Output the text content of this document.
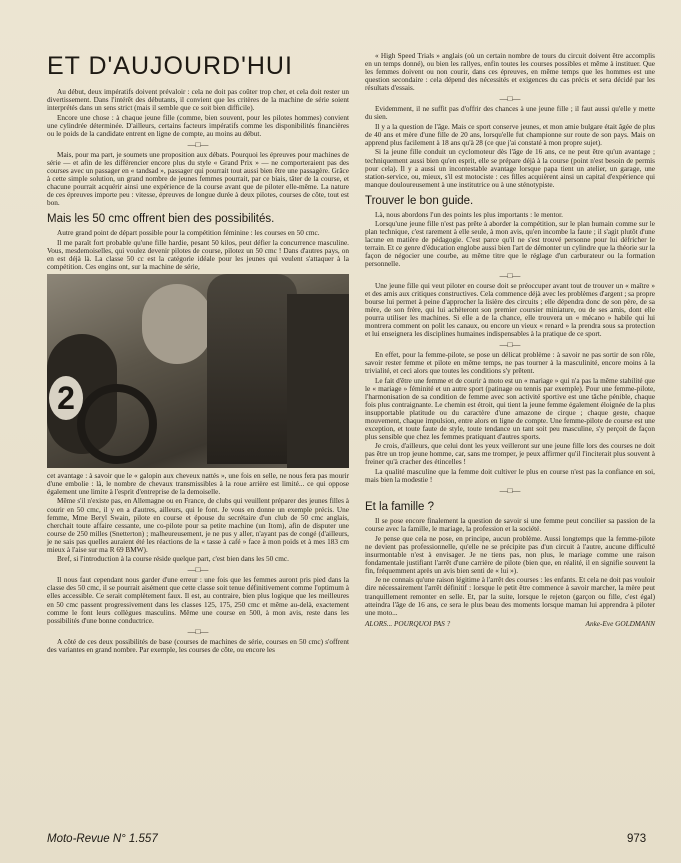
ET D'AUJOURD'HUI

Au début, deux impératifs doivent prévaloir : cela ne doit pas coûter trop cher, et cela doit rester un divertissement. Dans l'intérêt des débutants, il convient que les critères de la machine de série soient interprétés dans un sens strict (mais il semble que ce soit bien difficile).

Encore une chose : à chaque jeune fille (comme, bien souvent, pour les pilotes hommes) convient une cylindrée déterminée. D'ailleurs, certains facteurs impératifs comme les disponibilités financières ou le poids de la candidate entrent en ligne de compte, au moins au début.

—□—

Mais, pour ma part, je soumets une proposition aux débats. Pourquoi les épreuves pour machines de série — et afin de les différencier encore plus du style « Grand Prix » — ne comporteraient pas des courses avec un passager en « tandsad », passager qui pourrait tout aussi bien être une passagère. Grâce à cette simple solution, un grand nombre de jeunes femmes pourrait, par ce biais, tâter de la course, et chacune pourrait acquérir ainsi une expérience de la course avant que de piloter elle-même. La nature de ces épreuves importe peu : vitesse, épreuves de longue durée à deux pilotes, courses de côte, tout est bon.

Mais les 50 cmc offrent bien des possibilités.

Autre grand point de départ possible pour la compétition féminine : les courses en 50 cmc.

Il me paraît fort probable qu'une fille hardie, pesant 50 kilos, peut défier la concurrence masculine. Vous, mesdemoiselles, qui voulez devenir pilotes de course, pilotez un 50 cmc ! Dans d'autres pays, on en est déjà là. La classe 50 cc est la catégorie idéale pour les jeunes qui veulent s'attaquer à la compétition. Ces engins ont, sur la machine de série,

2

cet avantage : à savoir que le « galopin aux cheveux nattés », une fois en selle, ne nous fera pas mourir d'une embolie : là, le nombre de chevaux transmissibles à la roue arrière est limité... ce qui oppose également une limite à l'esprit d'entreprise de la demoiselle.

Même s'il n'existe pas, en Allemagne ou en France, de clubs qui veuillent préparer des jeunes filles à courir en 50 cmc, il y en a d'autres, ailleurs, qui le font. Je vous en donne un exemple précis. Une femme, Mme Beryl Swain, pilote en course et épouse du secrétaire d'un club de 50 cmc anglais, cherchait toute affaire cessante, une co-pilote pour sa petite machine (un Itom), afin de disputer une course de 250 milles (Snetterton) ; malheureusement, je ne pus y aller, n'ayant pas de congé (d'ailleurs, je ne sais pas quelles auraient été les réactions de la « tasse à café » face à mon poids et à mes 183 cm mieux à l'aise sur ma R 69 BMW).

Bref, si l'introduction à la course réside quelque part, c'est bien dans les 50 cmc.

—□—

Il nous faut cependant nous garder d'une erreur : une fois que les femmes auront pris pied dans la classe des 50 cmc, il se pourrait aisément que cette classe soit tenue définitivement comme l'optimum à elles accessible. Ce serait complètement faux. Il est, au contraire, bien plus logique que les meilleures en 50 cmc passent progressivement dans les classes 125, 175, 250 cmc et même au-delà, exactement comme le font leurs collègues masculins. Même une course en 500, à mon avis, reste dans les possibilités d'une bonne conductrice.

—□—

A côté de ces deux possibilités de base (courses de machines de série, courses en 50 cmc) s'offrent des variantes en grand nombre. Par exemple, les courses de côte, ou encore les

« High Speed Trials » anglais (où un certain nombre de tours du circuit doivent être accomplis en un temps donné), ou bien les rallyes, enfin toutes les courses possibles et même à instituer. Que les femmes doivent ou non courir, dans ces épreuves, en même temps que les hommes est une question secondaire : cela dépend des nécessités et exigences du cas précis et sera décidé par les résultats d'essais.

—□—

Evidemment, il ne suffit pas d'offrir des chances à une jeune fille ; il faut aussi qu'elle y mette du sien.

Il y a la question de l'âge. Mais ce sport conserve jeunes, et mon amie bulgare était âgée de plus de 40 ans et mère d'une fille de 20 ans, lorsqu'elle fut championne sur route de son pays. Mais on apprend plus facilement à 18 ans qu'à 28 (ce que j'ai constaté à mon propre sujet).

Si la jeune fille conduit un cyclomoteur dès l'âge de 16 ans, ce ne peut être qu'un avantage ; techniquement aussi bien qu'en esprit, elle se prépare déjà à la course (point n'est besoin de permis pour cela). Il y a aussi un incontestable avantage lorsque papa tient un atelier, un garage, une station-service, ou, mieux, s'il est motociste : ces filles acquièrent ainsi un capital d'expérience qui manque douloureusement à une institutrice ou à une sténotypiste.

Trouver le bon guide.

Là, nous abordons l'un des points les plus importants : le mentor.

Lorsqu'une jeune fille n'est pas prête à aborder la compétition, sur le plan humain comme sur le plan technique, c'est rarement à elle seule, à mon avis, qu'en incombe la faute ; il s'agit plutôt d'une lacune en matière de pédagogie. C'est parce qu'il ne s'est trouvé personne pour lui défricher le terrain. Et ce genre d'éducation englobe aussi bien l'art de démonter un cylindre que la théorie sur la façon de négocier une courbe, au même titre que le réglage d'un carburateur ou la formation personnelle.

—□—

Une jeune fille qui veut piloter en course doit se préoccuper avant tout de trouver un « maître » et des amis aux critiques constructives. Cela commence déjà avec les problèmes d'argent ; sa propre bourse lui permet à peine d'approcher la lisière des circuits ; elle dépendra donc de son père, de sa mère, de son frère, qui lui achèteront son premier coursier miniature, ou de ses amis, dont elle pourra utiliser les machines. Si elle a de la chance, elle trouvera un « mécano » habile qui lui montrera comment on polit les canaux, ou encore un vieux « renard » la prendra sous sa protection et lui enseignera les disciplines humaines indispensables à la pratique de ce sport.

—□—

En effet, pour la femme-pilote, se pose un délicat problème : à savoir ne pas sortir de son rôle, savoir rester femme et pilote en même temps, ne pas tourner à la masculinité, encore moins à la trivialité, et ceci alors que toutes les conditions s'y prêtent.

Le fait d'être une femme et de courir à moto est un « mariage » qui n'a pas la même stabilité que le « mariage » féminité et un autre sport (patinage ou tennis par exemple). Pour une femme-pilote, l'harmonisation de sa condition de femme avec son activité sportive est une tâche pénible, chaque fois plus contraignante. Le chemin est étroit, qui tient la jeune femme également éloignée de la plus insupportable platitude ou du caractère d'une amazone de cirque ; chaque geste, chaque mouvement, chaque impulsion, entre alors en ligne de compte. Une femme-pilote de course est une exception, et toute faute de style, toute tendance un tant soit peu masculine, s'y perçoit de façon plus sensible que chez les femmes pratiquant d'autres sports.

Je crois, d'ailleurs, que celui dont les yeux veilleront sur une jeune fille lors des courses ne doit pas être un trop jeune homme, car, sans me tromper, je peux affirmer qu'il l'inciterait plus souvent à freiner qu'à cracher des étincelles !

La qualité masculine que la femme doit cultiver le plus en course n'est pas la confiance en soi, mais bien la modestie !

—□—
Et la famille ?

Il se pose encore finalement la question de savoir si une femme peut concilier sa passion de la course avec la famille, le mariage, la profession et la société.

Je pense que cela ne pose, en principe, aucun problème. Aussi longtemps que la femme-pilote ne devient pas professionnelle, qu'elle ne se précipite pas d'un circuit à l'autre, aucune difficulté insurmontable n'est à envisager. Je ne tiens pas, non plus, le mariage comme une raison fondamentale justifiant l'arrêt d'une carrière de pilote (bien que, en réalité, il en signifie souvent la fin, fréquemment après un avis bien senti de « lui »).

Je ne connais qu'une raison légitime à l'arrêt des courses : les enfants. Et cela ne doit pas vouloir dire nécessairement l'arrêt définitif : lorsque le petit être commence à savoir marcher, la mère peut tranquillement remonter en selle. Et, par la suite, lorsque le rejeton (garçon ou fille, c'est égal) atteindra l'âge de 16 ans, ce sera le plus beau des moments lorsque maman lui apprendra à piloter une moto...

ALORS... POURQUOI PAS ?	Anke-Eve GOLDMANN
Moto-Revue N° 1.557	973
